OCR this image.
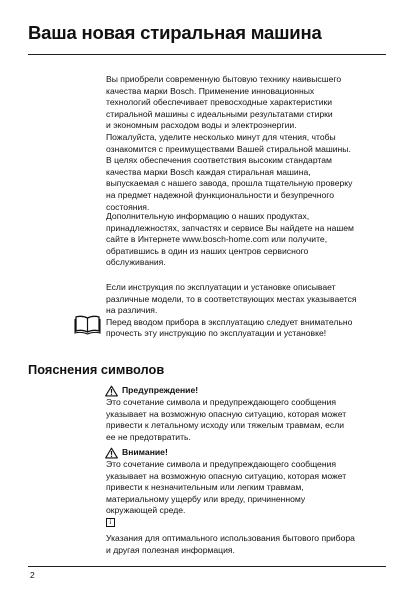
Ваша новая стиральная машина

Вы приобрели современную бытовую технику наивысшего

качества марки Bosch. Применение инновационных

технологий обеспечивает превосходные характеристики

стиральной машины с идеальными результатами стирки

и экономным расходом воды и электроэнергии.

Пожалуйста, уделите несколько минут для чтения, чтобы

ознакомится с преимуществами Вашей стиральной машины.

В целях обеспечения соответствия высоким стандартам

качества марки Bosch каждая стиральная машина,

выпускаемая с нашего завода, прошла тщательную проверку

на предмет надежной функциональности и безупречного

состояния.

Дополнительную информацию о наших продуктах,

принадлежностях, запчастях и сервисе Вы найдете на нашем

сайте в Интернете www.bosch-home.com или получите,

обратившись в один из наших центров сервисного

обслуживания.

Если инструкция по эксплуатации и установке описывает

различные модели, то в соответствующих местах указывается

на различия.

Перед вводом прибора в эксплуатацию следует внимательно

прочесть эту инструкцию по эксплуатации и установке!

Пояснения символов
Предупреждение!

Это сочетание символа и предупреждающего сообщения

указывает на возможную опасную ситуацию, которая может

привести к летальному исходу или тяжелым травмам, если

ее не предотвратить.

Внимание!

Это сочетание символа и предупреждающего сообщения

указывает на возможную опасную ситуацию, которая может

привести к незначительным или легким травмам,

материальному ущербу или вреду, причиненному

окружающей среде.

i

Указания для оптимального использования бытового прибора

и другая полезная информация.

2
